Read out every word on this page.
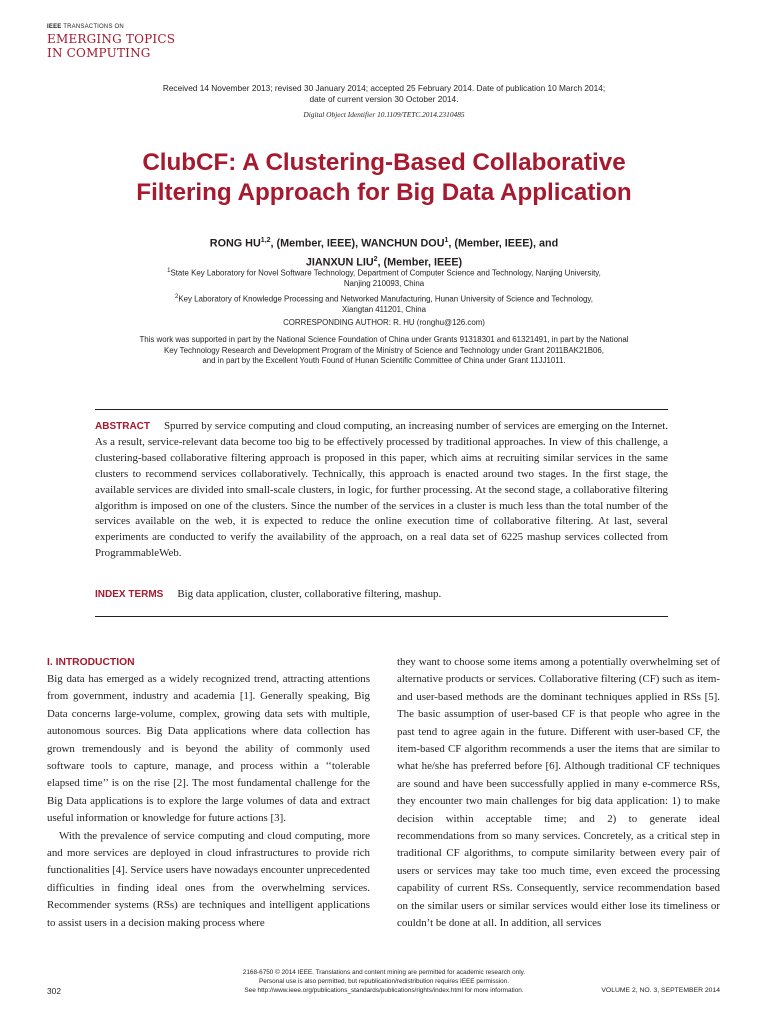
IEEE TRANSACTIONS ON
EMERGING TOPICS
IN COMPUTING
Received 14 November 2013; revised 30 January 2014; accepted 25 February 2014. Date of publication 10 March 2014;
date of current version 30 October 2014.
Digital Object Identifier 10.1109/TETC.2014.2310485
ClubCF: A Clustering-Based Collaborative
Filtering Approach for Big Data Application
RONG HU$^{1,2}$, (Member, IEEE), WANCHUN DOU$^1$, (Member, IEEE), and
JIANXUN LIU$^2$, (Member, IEEE)
$^1$State Key Laboratory for Novel Software Technology, Department of Computer Science and Technology, Nanjing University,
Nanjing 210093, China
$^2$Key Laboratory of Knowledge Processing and Networked Manufacturing, Hunan University of Science and Technology,
Xiangtan 411201, China
CORRESPONDING AUTHOR: R. HU (ronghu@126.com)
This work was supported in part by the National Science Foundation of China under Grants 91318301 and 61321491, in part by the National
Key Technology Research and Development Program of the Ministry of Science and Technology under Grant 2011BAK21B06,
and in part by the Excellent Youth Found of Hunan Scientific Committee of China under Grant 11JJ1011.
ABSTRACT Spurred by service computing and cloud computing, an increasing number of services are emerging on the Internet. As a result, service-relevant data become too big to be effectively processed by traditional approaches. In view of this challenge, a clustering-based collaborative filtering approach is proposed in this paper, which aims at recruiting similar services in the same clusters to recommend services collaboratively. Technically, this approach is enacted around two stages. In the first stage, the available services are divided into small-scale clusters, in logic, for further processing. At the second stage, a collaborative filtering algorithm is imposed on one of the clusters. Since the number of the services in a cluster is much less than the total number of the services available on the web, it is expected to reduce the online execution time of collaborative filtering. At last, several experiments are conducted to verify the availability of the approach, on a real data set of 6225 mashup services collected from ProgrammableWeb.
INDEX TERMS Big data application, cluster, collaborative filtering, mashup.
I. INTRODUCTION

Big data has emerged as a widely recognized trend, attracting attentions from government, industry and academia [1]. Generally speaking, Big Data concerns large-volume, complex, growing data sets with multiple, autonomous sources. Big Data applications where data collection has grown tremendously and is beyond the ability of commonly used software tools to capture, manage, and process within a ‘‘tolerable elapsed time’’ is on the rise [2]. The most fundamental challenge for the Big Data applications is to explore the large volumes of data and extract useful information or knowledge for future actions [3].

With the prevalence of service computing and cloud computing, more and more services are deployed in cloud infrastructures to provide rich functionalities [4]. Service users have nowadays encounter unprecedented difficulties in finding ideal ones from the overwhelming services. Recommender systems (RSs) are techniques and intelligent applications to assist users in a decision making process where

they want to choose some items among a potentially overwhelming set of alternative products or services. Collaborative filtering (CF) such as item- and user-based methods are the dominant techniques applied in RSs [5]. The basic assumption of user-based CF is that people who agree in the past tend to agree again in the future. Different with user-based CF, the item-based CF algorithm recommends a user the items that are similar to what he/she has preferred before [6]. Although traditional CF techniques are sound and have been successfully applied in many e-commerce RSs, they encounter two main challenges for big data application: 1) to make decision within acceptable time; and 2) to generate ideal recommendations from so many services. Concretely, as a critical step in traditional CF algorithms, to compute similarity between every pair of users or services may take too much time, even exceed the processing capability of current RSs. Consequently, service recommendation based on the similar users or similar services would either lose its timeliness or couldn’t be done at all. In addition, all services

2168-6750 © 2014 IEEE. Translations and content mining are permitted for academic research only.
Personal use is also permitted, but republication/redistribution requires IEEE permission.
See http://www.ieee.org/publications_standards/publications/rights/index.html for more information.
302	VOLUME 2, NO. 3, SEPTEMBER 2014
